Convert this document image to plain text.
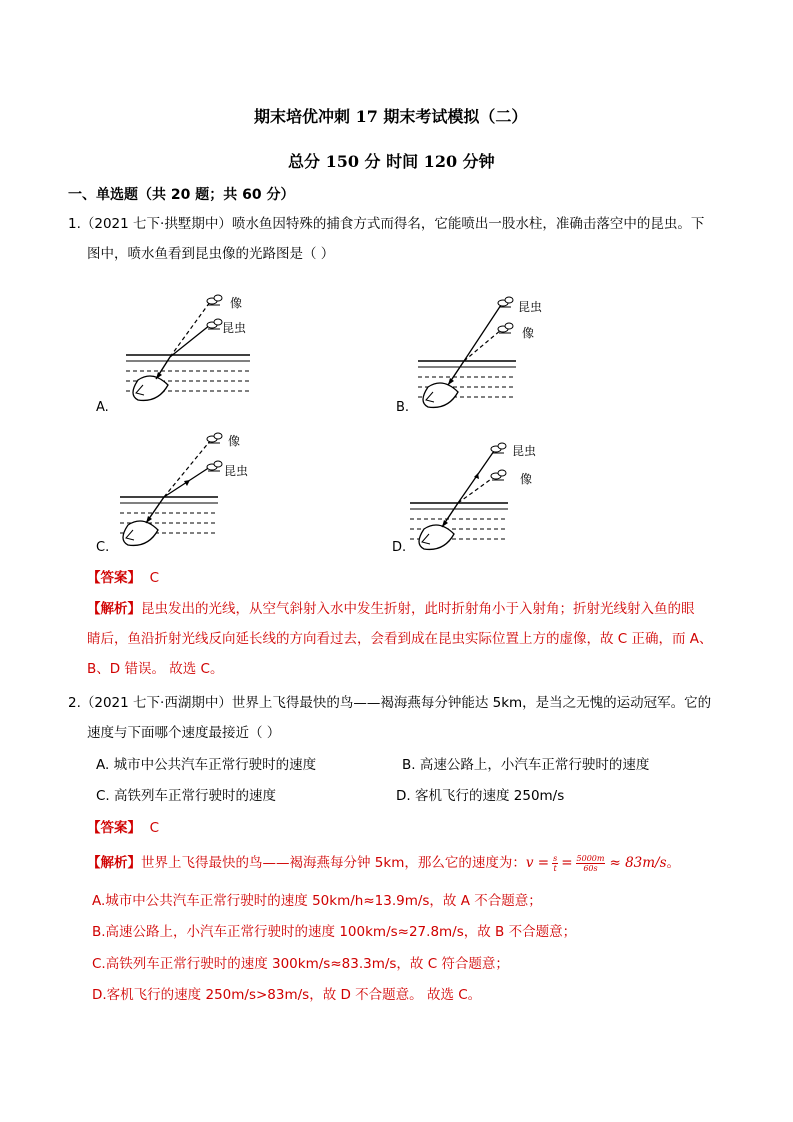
期末培优冲刺 17 期末考试模拟（二）
总分 150 分 时间 120 分钟
一、单选题（共 20 题；共 60 分）
1.（2021 七下·拱墅期中）喷水鱼因特殊的捕食方式而得名，它能喷出一股水柱，准确击落空中的昆虫。下
图中，喷水鱼看到昆虫像的光路图是（ ）
像
昆虫
A.
昆虫
像
B.
像
昆虫
C.
昆虫
像
D.
【答案】 C
【解析】昆虫发出的光线，从空气斜射入水中发生折射，此时折射角小于入射角；折射光线射入鱼的眼
睛后，鱼沿折射光线反向延长线的方向看过去，会看到成在昆虫实际位置上方的虚像，故 C 正确，而 A、
B、D 错误。 故选 C。
2.（2021 七下·西湖期中）世界上飞得最快的鸟——褐海燕每分钟能达 5km，是当之无愧的运动冠军。它的
速度与下面哪个速度最接近（ ）
A. 城市中公共汽车正常行驶时的速度	B. 高速公路上，小汽车正常行驶时的速度
C. 高铁列车正常行驶时的速度	D. 客机飞行的速度 250m/s
【答案】 C
【解析】 世界上飞得最快的鸟——褐海燕每分钟 5km，那么它的速度为： $v = \frac{s}{t} = \frac{5000m}{60s} \approx 83m/s$ 。
A.城市中公共汽车正常行驶时的速度 50km/h≈13.9m/s，故 A 不合题意；
B.高速公路上，小汽车正常行驶时的速度 100km/s≈27.8m/s，故 B 不合题意；
C.高铁列车正常行驶时的速度 300km/s≈83.3m/s，故 C 符合题意；
D.客机飞行的速度 250m/s>83m/s，故 D 不合题意。 故选 C。
